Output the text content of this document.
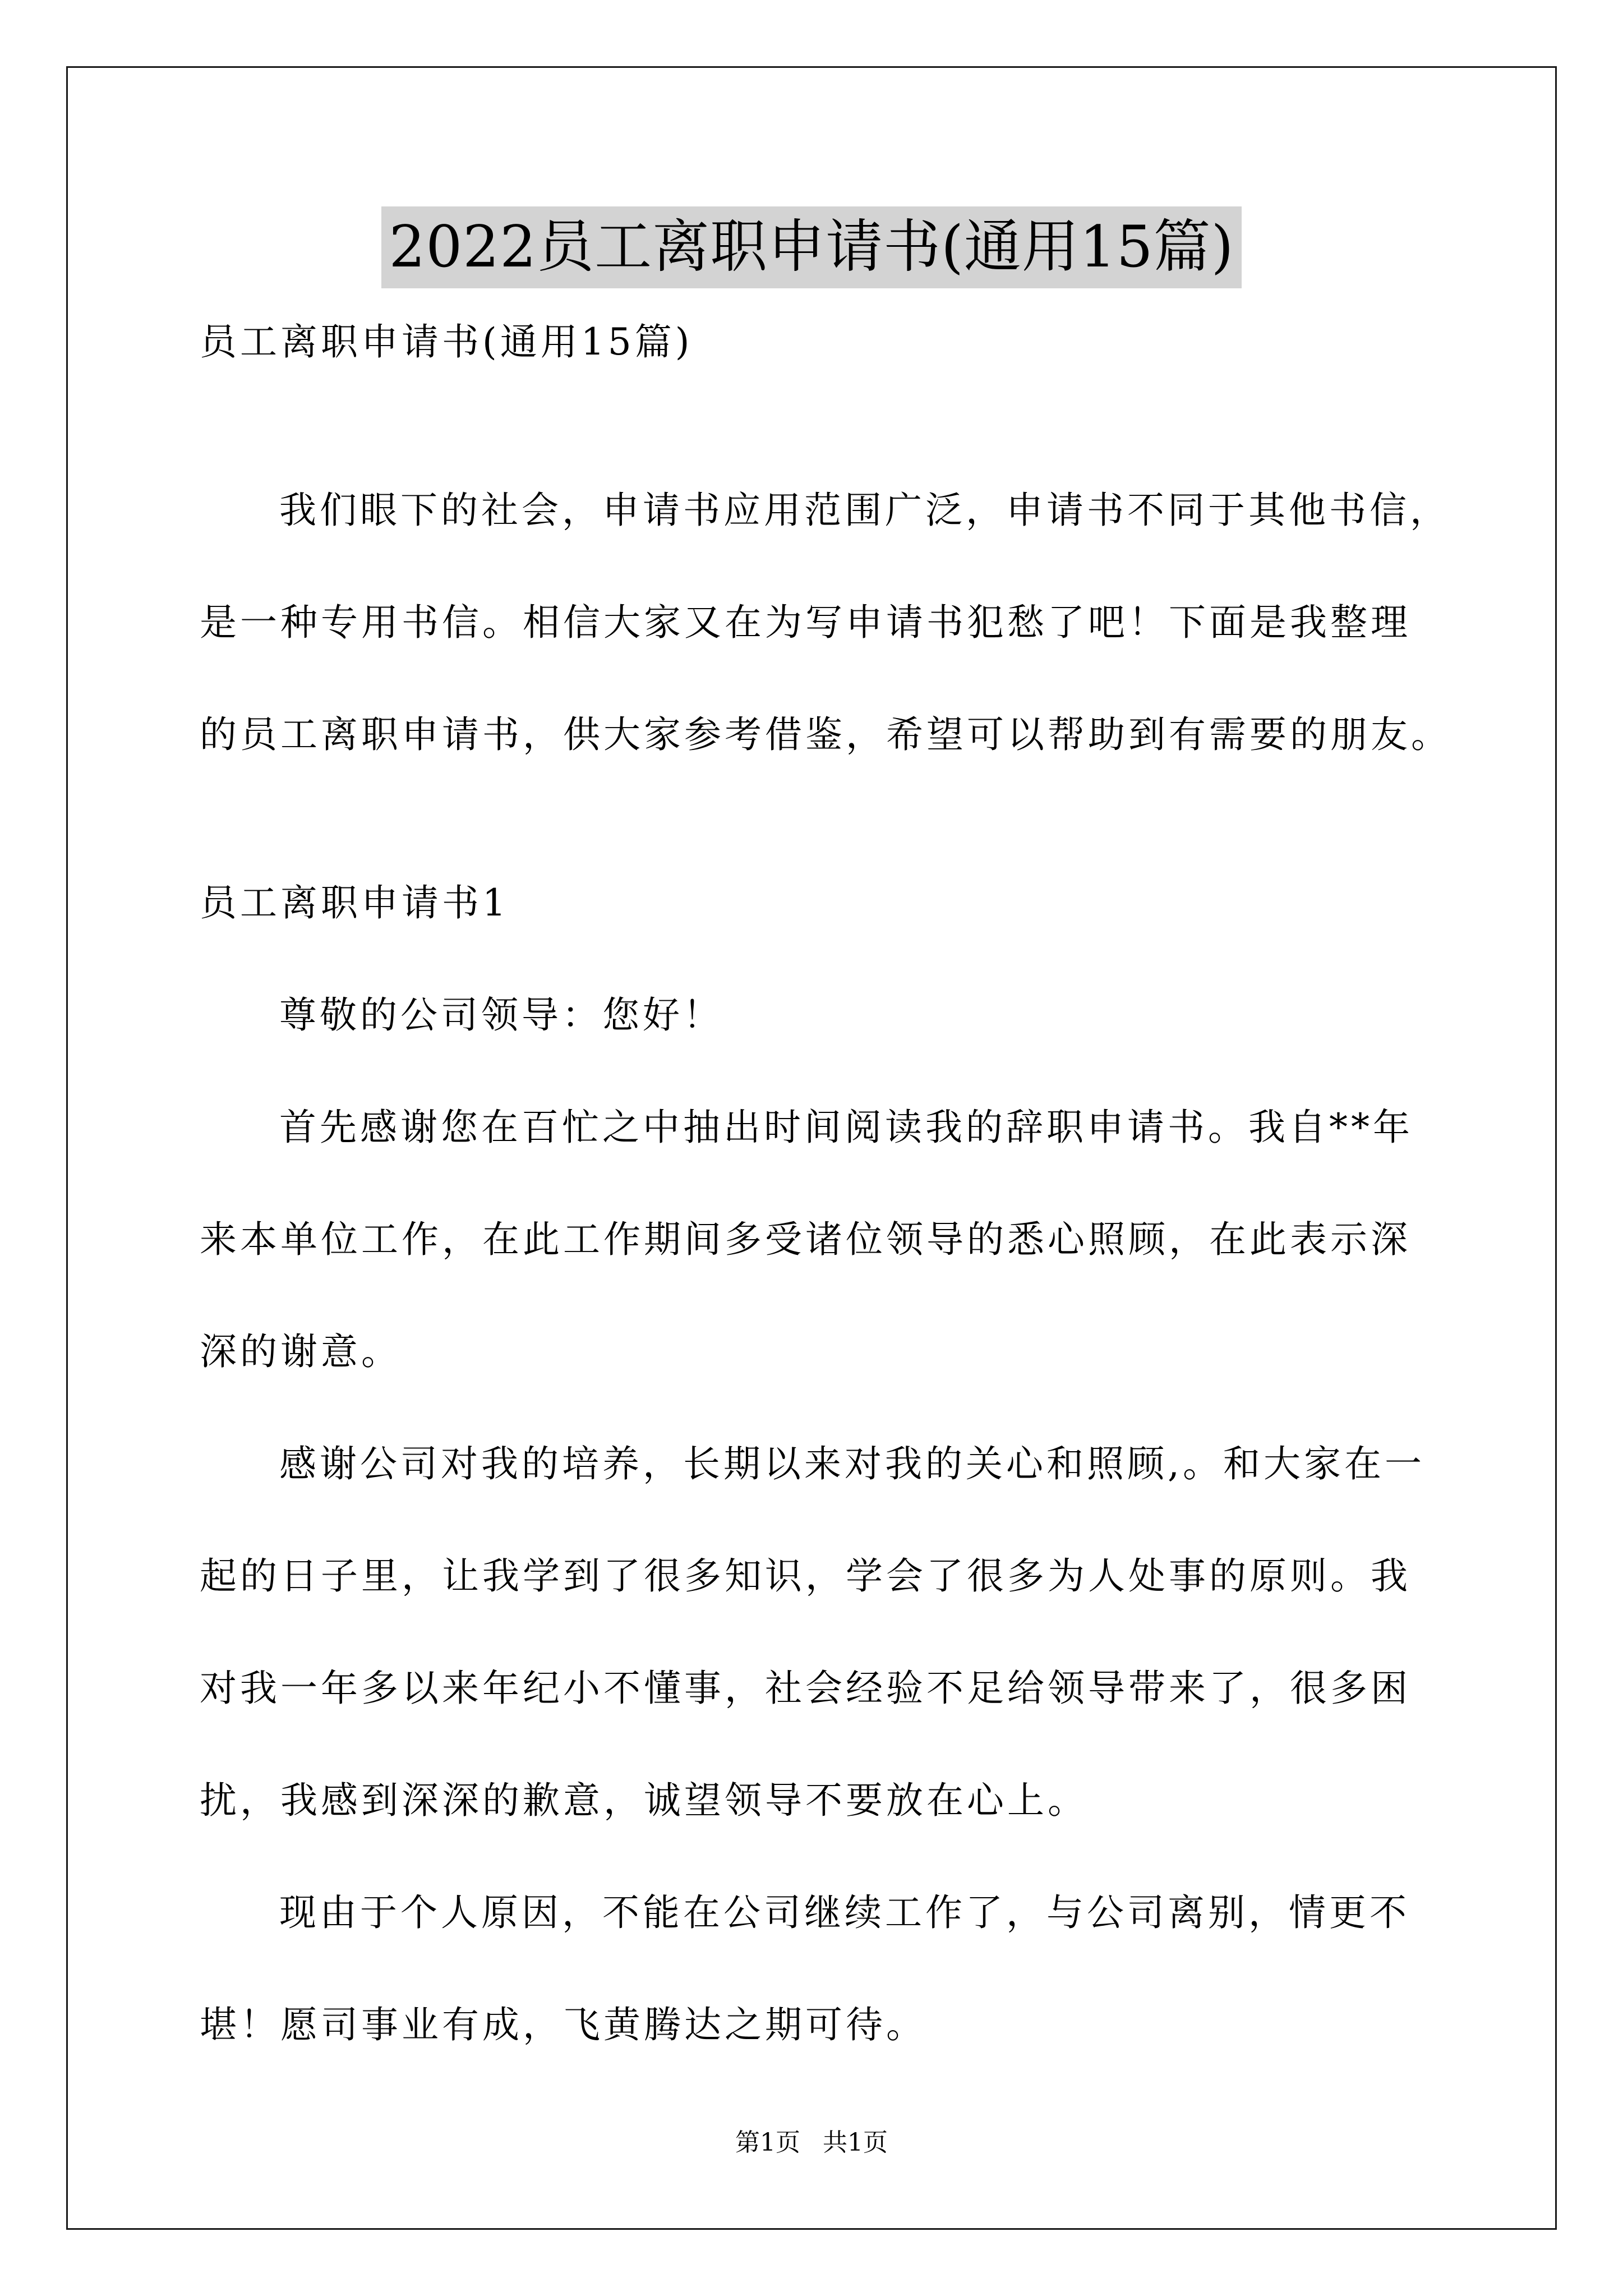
2022员工离职申请书(通用15篇)
员工离职申请书(通用15篇)
我们眼下的社会，申请书应用范围广泛，申请书不同于其他书信，
是一种专用书信。相信大家又在为写申请书犯愁了吧！下面是我整理
的员工离职申请书，供大家参考借鉴，希望可以帮助到有需要的朋友。
员工离职申请书1
尊敬的公司领导：您好！
首先感谢您在百忙之中抽出时间阅读我的辞职申请书。我自**年
来本单位工作，在此工作期间多受诸位领导的悉心照顾，在此表示深
深的谢意。
感谢公司对我的培养，长期以来对我的关心和照顾,。和大家在一
起的日子里，让我学到了很多知识，学会了很多为人处事的原则。我
对我一年多以来年纪小不懂事，社会经验不足给领导带来了，很多困
扰，我感到深深的歉意，诚望领导不要放在心上。
现由于个人原因，不能在公司继续工作了，与公司离别，情更不
堪！愿司事业有成，飞黄腾达之期可待。
第1页 共1页
